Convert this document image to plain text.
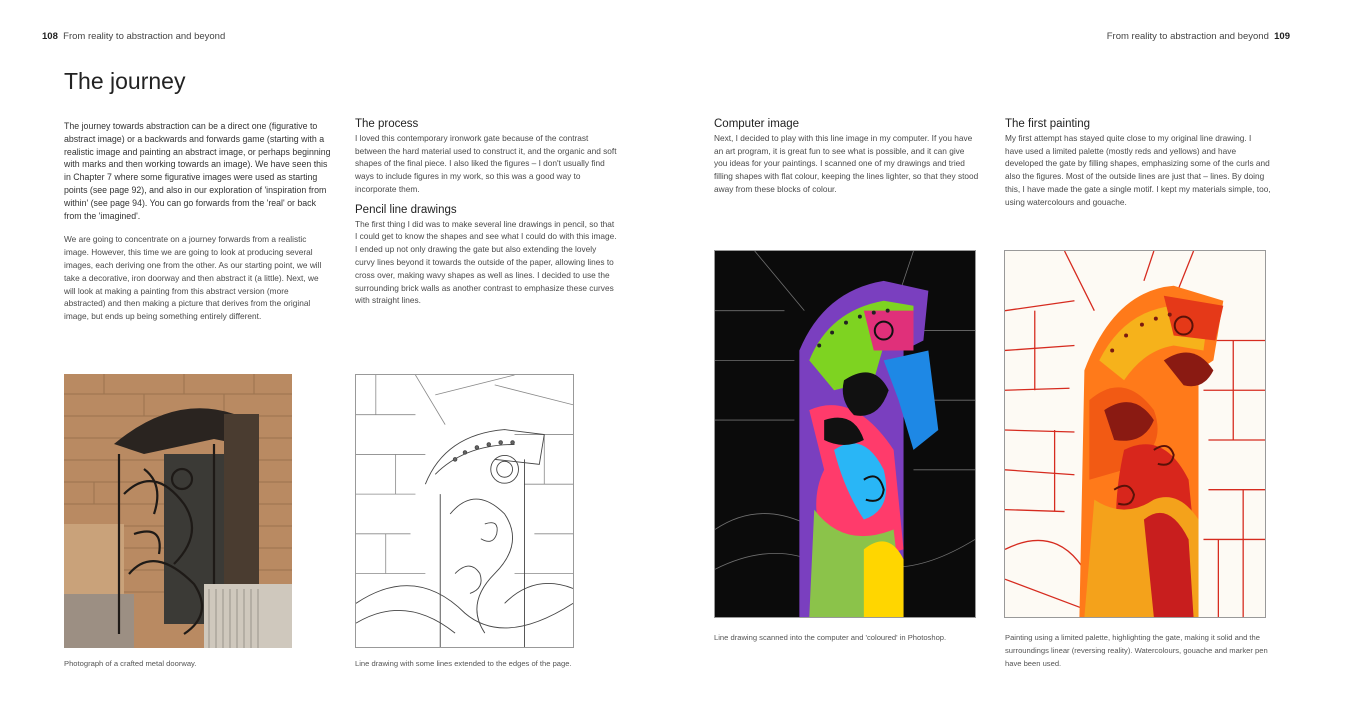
108 From reality to abstraction and beyond	From reality to abstraction and beyond 109
The journey

The journey towards abstraction can be a direct one (figurative to abstract image) or a backwards and forwards game (starting with a realistic image and painting an abstract image, or perhaps beginning with marks and then working towards an image). We have seen this in Chapter 7 where some figurative images were used as starting points (see page 92), and also in our exploration of 'inspiration from within' (see page 94). You can go forwards from the 'real' or back from the 'imagined'.

We are going to concentrate on a journey forwards from a realistic image. However, this time we are going to look at producing several images, each deriving one from the other. As our starting point, we will take a decorative, iron doorway and then abstract it (a little). Next, we will look at making a painting from this abstract version (more abstracted) and then making a picture that derives from the original image, but ends up being something entirely different.

The process

I loved this contemporary ironwork gate because of the contrast between the hard material used to construct it, and the organic and soft shapes of the final piece. I also liked the figures – I don't usually find ways to include figures in my work, so this was a good way to incorporate them.

Pencil line drawings

The first thing I did was to make several line drawings in pencil, so that I could get to know the shapes and see what I could do with this image. I ended up not only drawing the gate but also extending the lovely curvy lines beyond it towards the outside of the paper, allowing lines to cross over, making wavy shapes as well as lines. I decided to use the surrounding brick walls as another contrast to emphasize these curves with straight lines.

Computer image

Next, I decided to play with this line image in my computer. If you have an art program, it is great fun to see what is possible, and it can give you ideas for your paintings. I scanned one of my drawings and tried filling shapes with flat colour, keeping the lines lighter, so that they stood away from these blocks of colour.

The first painting

My first attempt has stayed quite close to my original line drawing. I have used a limited palette (mostly reds and yellows) and have developed the gate by filling shapes, emphasizing some of the curls and also the figures. Most of the outside lines are just that – lines. By doing this, I have made the gate a single motif. I kept my materials simple, too, using watercolours and gouache.

Photograph of a crafted metal doorway.	Line drawing with some lines extended to the edges of the page.
Line drawing scanned into the computer and 'coloured' in Photoshop.	Painting using a limited palette, highlighting the gate, making it solid and the surroundings linear (reversing reality). Watercolours, gouache and marker pen have been used.
